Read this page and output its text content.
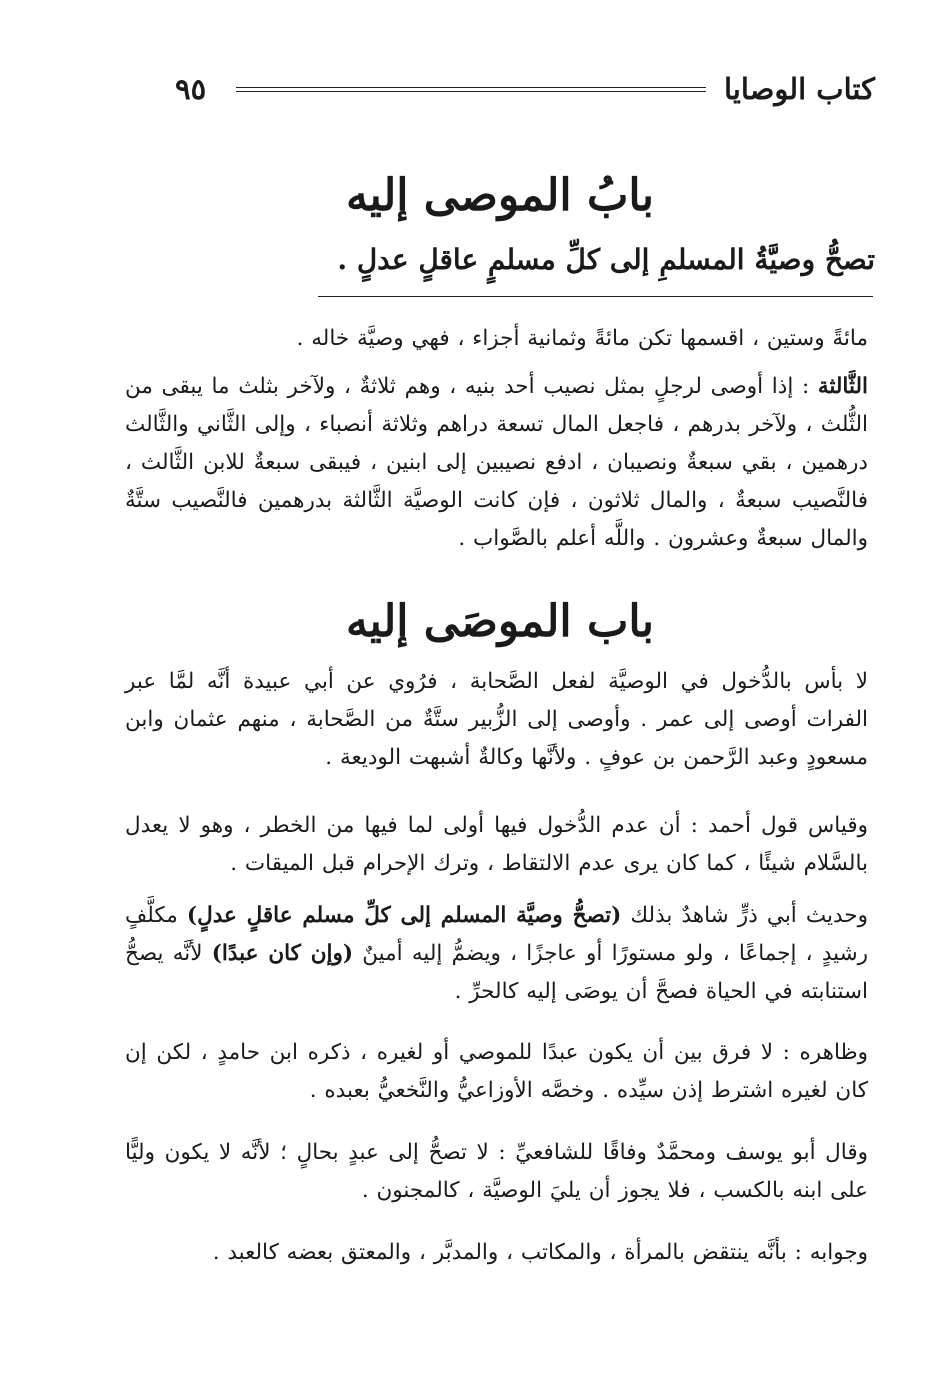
كتاب الوصايا
٩٥
بابُ الموصى إليه
تصحُّ وصيَّةُ المسلمِ إلى كلِّ مسلمٍ عاقلٍ عدلٍ .
مائةً وستين ، اقسمها تكن مائةً وثمانية أجزاء ، فهي وصيَّة خاله .
الثَّالثة : إذا أوصى لرجلٍ بمثل نصيب أحد بنيه ، وهم ثلاثةٌ ، ولآخر بثلث ما يبقى من الثُّلث ، ولآخر بدرهم ، فاجعل المال تسعة دراهم وثلاثة أنصباء ، وإلى الثَّاني والثَّالث درهمين ، بقي سبعةٌ ونصيبان ، ادفع نصيبين إلى ابنين ، فيبقى سبعةٌ للابن الثَّالث ، فالنَّصيب سبعةٌ ، والمال ثلاثون ، فإن كانت الوصيَّة الثَّالثة بدرهمين فالنَّصيب ستَّةٌ والمال سبعةٌ وعشرون . واللَّه أعلم بالصَّواب .
باب الموصَى إليه
لا بأس بالدُّخول في الوصيَّة لفعل الصَّحابة ، فرُوي عن أبي عبيدة أنَّه لمَّا عبر الفرات أوصى إلى عمر . وأوصى إلى الزُّبير ستَّةٌ من الصَّحابة ، منهم عثمان وابن مسعودٍ وعبد الرَّحمن بن عوفٍ . ولأنَّها وكالةٌ أشبهت الوديعة .
وقياس قول أحمد : أن عدم الدُّخول فيها أولى لما فيها من الخطر ، وهو لا يعدل بالسَّلام شيئًا ، كما كان يرى عدم الالتقاط ، وترك الإحرام قبل الميقات .
وحديث أبي ذرٍّ شاهدٌ بذلك (تصحُّ وصيَّة المسلم إلى كلِّ مسلم عاقلٍ عدلٍ) مكلَّفٍ رشيدٍ ، إجماعًا ، ولو مستورًا أو عاجزًا ، ويضمُّ إليه أمينٌ (وإن كان عبدًا) لأنَّه يصحُّ استنابته في الحياة فصحَّ أن يوصَى إليه كالحرِّ .
وظاهره : لا فرق بين أن يكون عبدًا للموصي أو لغيره ، ذكره ابن حامدٍ ، لكن إن كان لغيره اشترط إذن سيِّده . وخصَّه الأوزاعيُّ والنَّخعيُّ بعبده .
وقال أبو يوسف ومحمَّدٌ وفاقًا للشافعيِّ : لا تصحُّ إلى عبدٍ بحالٍ ؛ لأنَّه لا يكون وليًّا على ابنه بالكسب ، فلا يجوز أن يليَ الوصيَّة ، كالمجنون .
وجوابه : بأنَّه ينتقض بالمرأة ، والمكاتب ، والمدبَّر ، والمعتق بعضه كالعبد .
